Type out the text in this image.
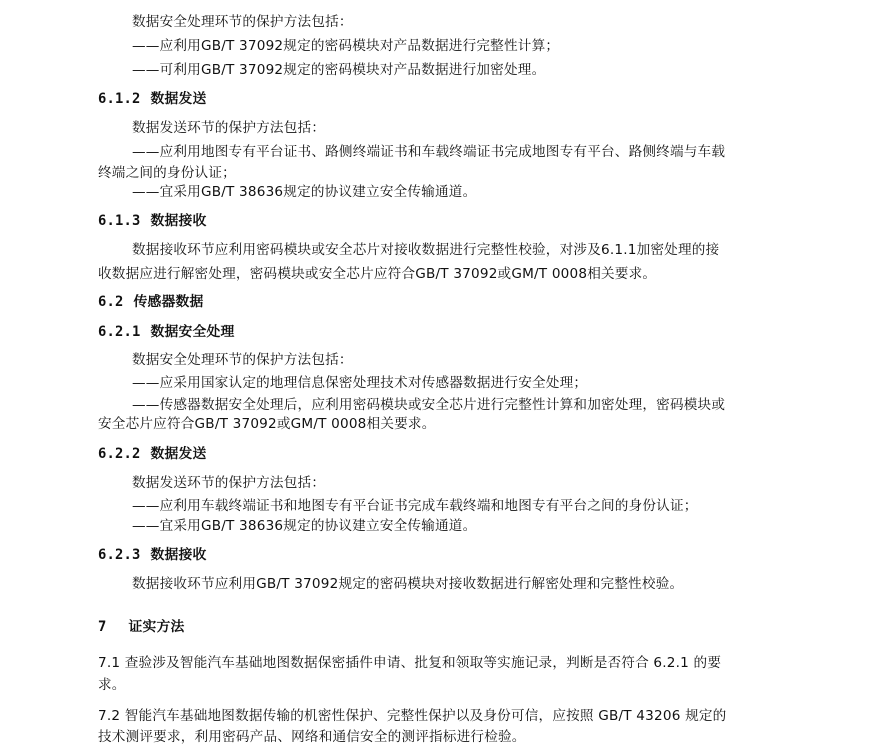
数据安全处理环节的保护方法包括：
——应利用GB/T 37092规定的密码模块对产品数据进行完整性计算；
——可利用GB/T 37092规定的密码模块对产品数据进行加密处理。
6.1.2 数据发送
数据发送环节的保护方法包括：
——应利用地图专有平台证书、路侧终端证书和车载终端证书完成地图专有平台、路侧终端与车载
终端之间的身份认证；
——宜采用GB/T 38636规定的协议建立安全传输通道。
6.1.3 数据接收
数据接收环节应利用密码模块或安全芯片对接收数据进行完整性校验，对涉及6.1.1加密处理的接
收数据应进行解密处理，密码模块或安全芯片应符合GB/T 37092或GM/T 0008相关要求。
6.2 传感器数据
6.2.1 数据安全处理
数据安全处理环节的保护方法包括：
——应采用国家认定的地理信息保密处理技术对传感器数据进行安全处理；
——传感器数据安全处理后，应利用密码模块或安全芯片进行完整性计算和加密处理，密码模块或
安全芯片应符合GB/T 37092或GM/T 0008相关要求。
6.2.2 数据发送
数据发送环节的保护方法包括：
——应利用车载终端证书和地图专有平台证书完成车载终端和地图专有平台之间的身份认证；
——宜采用GB/T 38636规定的协议建立安全传输通道。
6.2.3 数据接收
数据接收环节应利用GB/T 37092规定的密码模块对接收数据进行解密处理和完整性校验。
7 证实方法
7.1 查验涉及智能汽车基础地图数据保密插件申请、批复和领取等实施记录，判断是否符合 6.2.1 的要
求。
7.2 智能汽车基础地图数据传输的机密性保护、完整性保护以及身份可信，应按照 GB/T 43206 规定的
技术测评要求，利用密码产品、网络和通信安全的测评指标进行检验。
